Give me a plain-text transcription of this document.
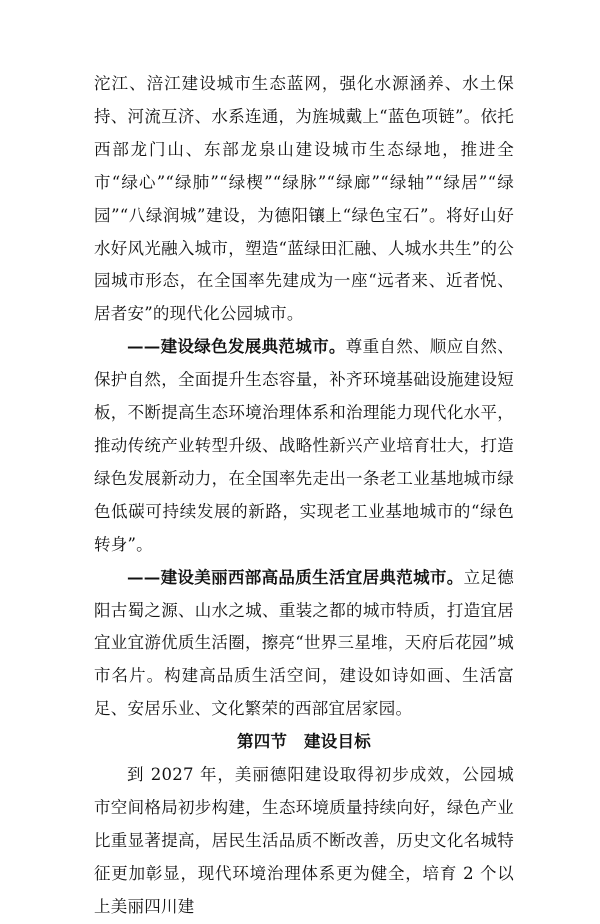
沱江、涪江建设城市生态蓝网，强化水源涵养、水土保持、河流互济、水系连通，为旌城戴上“蓝色项链”。依托西部龙门山、东部龙泉山建设城市生态绿地，推进全市“绿心”“绿肺”“绿楔”“绿脉”“绿廊”“绿轴”“绿居”“绿园”“八绿润城”建设，为德阳镶上“绿色宝石”。将好山好水好风光融入城市，塑造“蓝绿田汇融、人城水共生”的公园城市形态，在全国率先建成为一座“远者来、近者悦、居者安”的现代化公园城市。

——建设绿色发展典范城市。尊重自然、顺应自然、保护自然，全面提升生态容量，补齐环境基础设施建设短板，不断提高生态环境治理体系和治理能力现代化水平，推动传统产业转型升级、战略性新兴产业培育壮大，打造绿色发展新动力，在全国率先走出一条老工业基地城市绿色低碳可持续发展的新路，实现老工业基地城市的“绿色转身”。

——建设美丽西部高品质生活宜居典范城市。立足德阳古蜀之源、山水之城、重装之都的城市特质，打造宜居宜业宜游优质生活圈，擦亮“世界三星堆，天府后花园”城市名片。构建高品质生活空间，建设如诗如画、生活富足、安居乐业、文化繁荣的西部宜居家园。

第四节　建设目标

到 2027 年，美丽德阳建设取得初步成效，公园城市空间格局初步构建，生态环境质量持续向好，绿色产业比重显著提高，居民生活品质不断改善，历史文化名城特征更加彰显，现代环境治理体系更为健全，培育 2 个以上美丽四川建
